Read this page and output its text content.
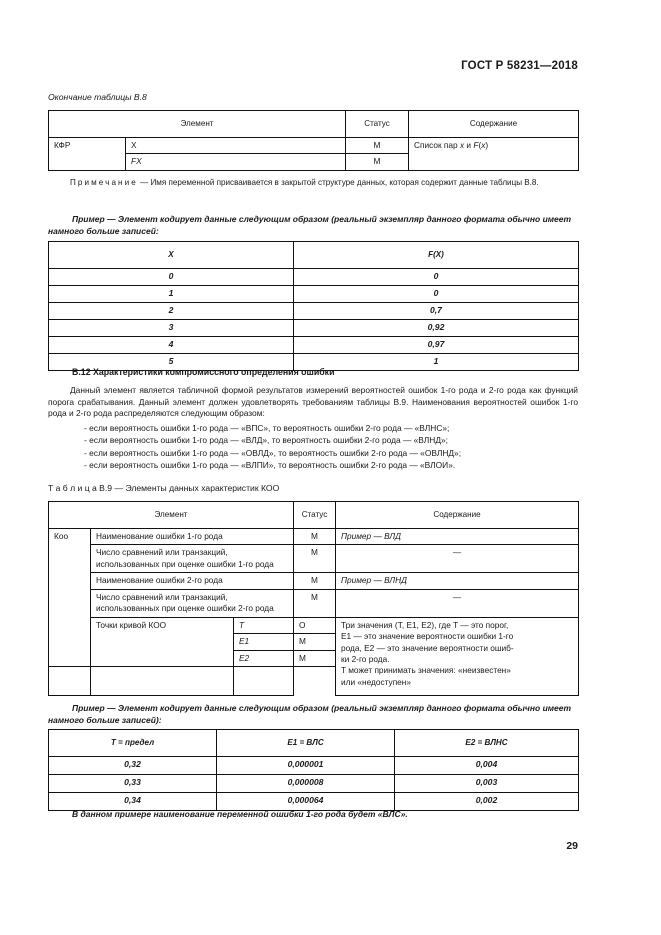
ГОСТ Р 58231—2018
Окончание таблицы В.8
Элемент		Статус	Содержание
КФР	X	М	Список пар x и F(x)
	FX	М	
Примечание — Имя переменной присваивается в закрытой структуре данных, которая содержит данные таблицы В.8.
Пример — Элемент кодирует данные следующим образом (реальный экземпляр данного формата обычно имеет намного больше записей:
X	F(X)
0	0
1	0
2	0,7
3	0,92
4	0,97
5	1
В.12 Характеристики компромиссного определения ошибки
Данный элемент является табличной формой результатов измерений вероятностей ошибок 1-го рода и 2-го рода как функций порога срабатывания. Данный элемент должен удовлетворять требованиям таблицы В.9. Наименования вероятностей ошибок 1-го рода и 2-го рода распределяются следующим образом:
- если вероятность ошибки 1-го рода — «ВПС», то вероятность ошибки 2-го рода — «ВЛНС»;
- если вероятность ошибки 1-го рода — «ВЛД», то вероятность ошибки 2-го рода — «ВЛНД»;
- если вероятность ошибки 1-го рода — «ОВЛД», то вероятность ошибки 2-го рода — «ОВЛНД»;
- если вероятность ошибки 1-го рода — «ВЛПИ», то вероятность ошибки 2-го рода — «ВЛОИ».
Т а б л и ц а В.9 — Элементы данных характеристик КОО
Элемент			Статус	Содержание
Коо	Наименование ошибки 1-го рода		М	Пример — ВЛД
	Число сравнений или транзакций, использованных при оценке ошибки 1-го рода		М	—
	Наименование ошибки 2-го рода		М	Пример — ВЛНД
	Число сравнений или транзакций, использованных при оценке ошибки 2-го рода		М	—
Точки кривой КОО	T	О	Три значения (T, E1, E2), где T — это порог,
E1 — это значение вероятности ошибки 1-го
рода, E2 — это значение вероятности ошиб-
ки 2-го рода.
T может принимать значения: «неизвестен»
или «недоступен»

		E1	М	
		E2	М	

Пример — Элемент кодирует данные следующим образом (реальный экземпляр данного формата обычно имеет намного больше записей):
T = предел	E1 = ВЛС	E2 = ВЛНС
0,32	0,000001	0,004
0,33	0,000008	0,003
0,34	0,000064	0,002
В данном примере наименование переменной ошибки 1-го рода будет «ВЛС».
29
